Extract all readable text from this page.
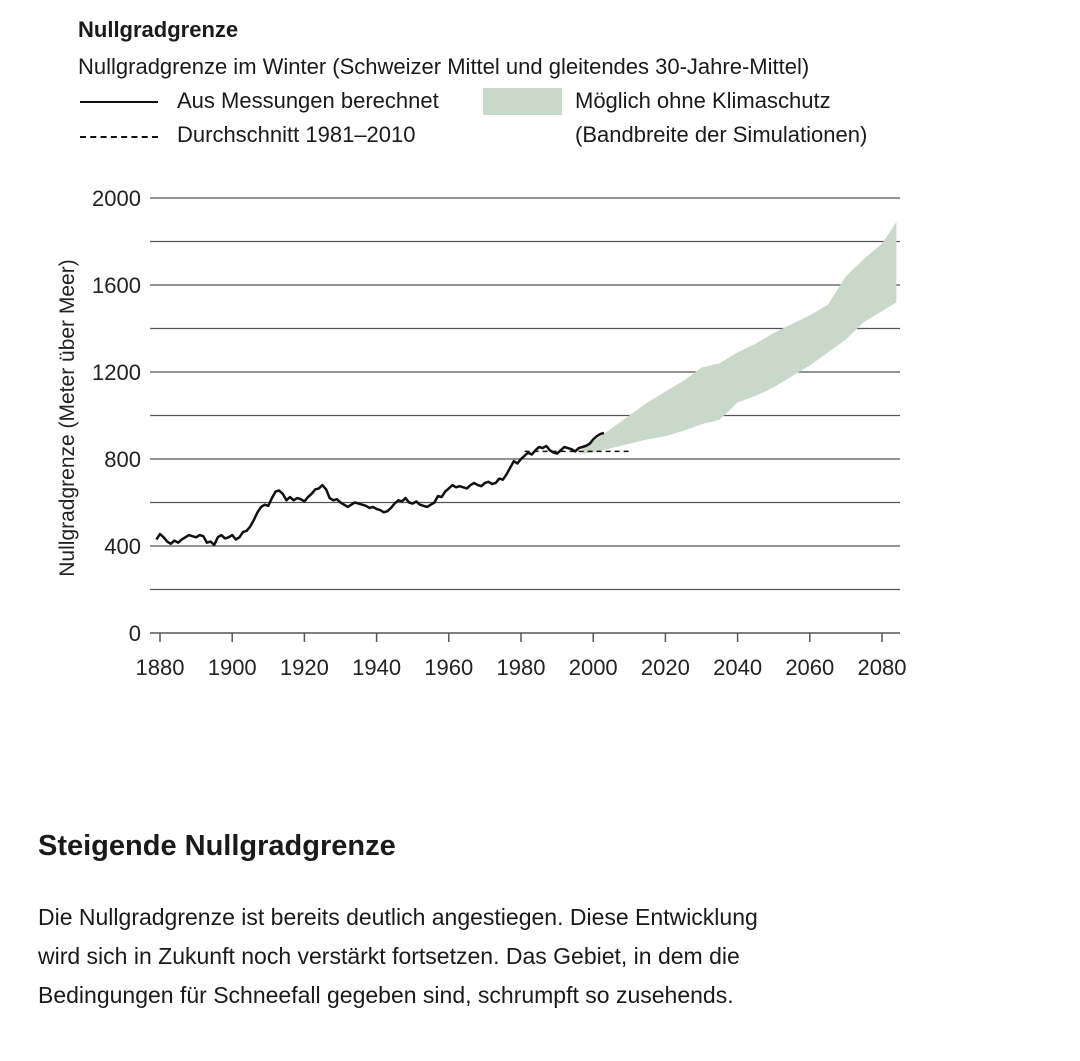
Nullgradgrenze
Nullgradgrenze im Winter (Schweizer Mittel und gleitendes 30-Jahre-Mittel)
Aus Messungen berechnet
Durchschnitt 1981–2010
Möglich ohne Klimaschutz
(Bandbreite der Simulationen)
1880 1900 1920 1940 1960 1980 2000 2020 2040 2060 2080
0
400
800
1200
1600
2000
Nullgradgrenze (Meter über Meer)
Steigende Nullgradgrenze

Die Nullgradgrenze ist bereits deutlich angestiegen. Diese Entwicklung wird sich in Zukunft noch verstärkt fortsetzen. Das Gebiet, in dem die Bedingungen für Schneefall gegeben sind, schrumpft so zusehends.
